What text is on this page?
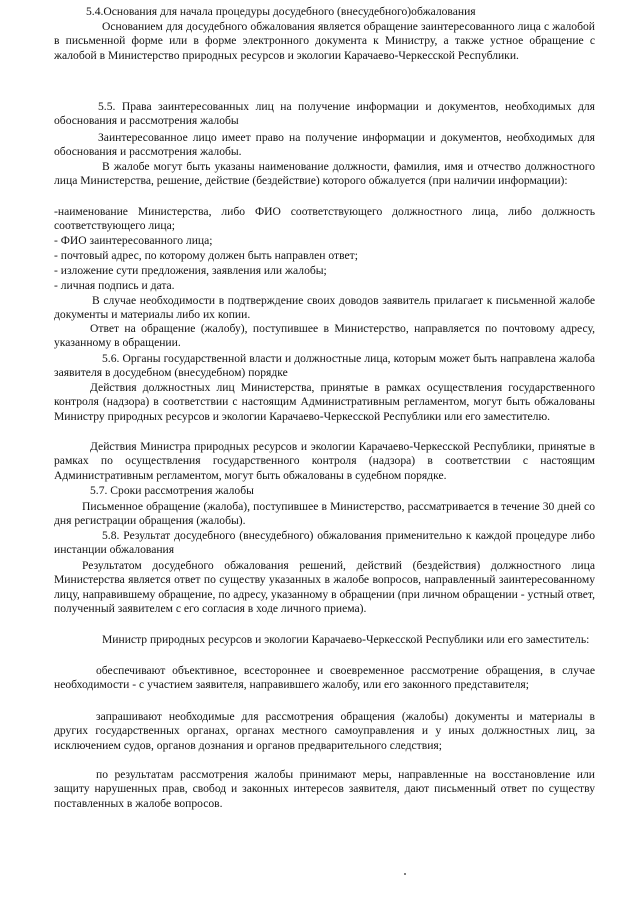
5.4.Основания для начала процедуры досудебного (внесудебного)обжалования

Основанием для досудебного обжалования является обращение заинтересованного лица с жалобой в письменной форме или в форме электронного документа к Министру, а также устное обращение с жалобой в Министерство природных ресурсов и экологии Карачаево-Черкесской Республики.

5.5. Права заинтересованных лиц на получение информации и документов, необходимых для обоснования и рассмотрения жалобы

Заинтересованное лицо имеет право на получение информации и документов, необходимых для обоснования и рассмотрения жалобы.

В жалобе могут быть указаны наименование должности, фамилия, имя и отчество должностного лица Министерства, решение, действие (бездействие) которого обжалуется (при наличии информации):

-наименование Министерства, либо ФИО соответствующего должностного лица, либо должность соответствующего лица;

- ФИО заинтересованного лица;

- почтовый адрес, по которому должен быть направлен ответ;

- изложение сути предложения, заявления или жалобы;

- личная подпись и дата.

В случае необходимости в подтверждение своих доводов заявитель прилагает к письменной жалобе документы и материалы либо их копии.

Ответ на обращение (жалобу), поступившее в Министерство, направляется по почтовому адресу, указанному в обращении.

5.6. Органы государственной власти и должностные лица, которым может быть направлена жалоба заявителя в досудебном (внесудебном) порядке

Действия должностных лиц Министерства, принятые в рамках осуществления государственного контроля (надзора) в соответствии с настоящим Административным регламентом, могут быть обжалованы Министру природных ресурсов и экологии Карачаево-Черкесской Республики или его заместителю.

Действия Министра природных ресурсов и экологии Карачаево-Черкесской Республики, принятые в рамках по осуществления государственного контроля (надзора) в соответствии с настоящим Административным регламентом, могут быть обжалованы в судебном порядке.

5.7. Сроки рассмотрения жалобы

Письменное обращение (жалоба), поступившее в Министерство, рассматривается в течение 30 дней со дня регистрации обращения (жалобы).

5.8. Результат досудебного (внесудебного) обжалования применительно к каждой процедуре либо инстанции обжалования

Результатом досудебного обжалования решений, действий (бездействия) должностного лица Министерства является ответ по существу указанных в жалобе вопросов, направленный заинтересованному лицу, направившему обращение, по адресу, указанному в обращении (при личном обращении - устный ответ, полученный заявителем с его согласия в ходе личного приема).

Министр природных ресурсов и экологии Карачаево-Черкесской Республики или его заместитель:

обеспечивают объективное, всестороннее и своевременное рассмотрение обращения, в случае необходимости - с участием заявителя, направившего жалобу, или его законного представителя;

запрашивают необходимые для рассмотрения обращения (жалобы) документы и материалы в других государственных органах, органах местного самоуправления и у иных должностных лиц, за исключением судов, органов дознания и органов предварительного следствия;

по результатам рассмотрения жалобы принимают меры, направленные на восстановление или защиту нарушенных прав, свобод и законных интересов заявителя, дают письменный ответ по существу поставленных в жалобе вопросов.
